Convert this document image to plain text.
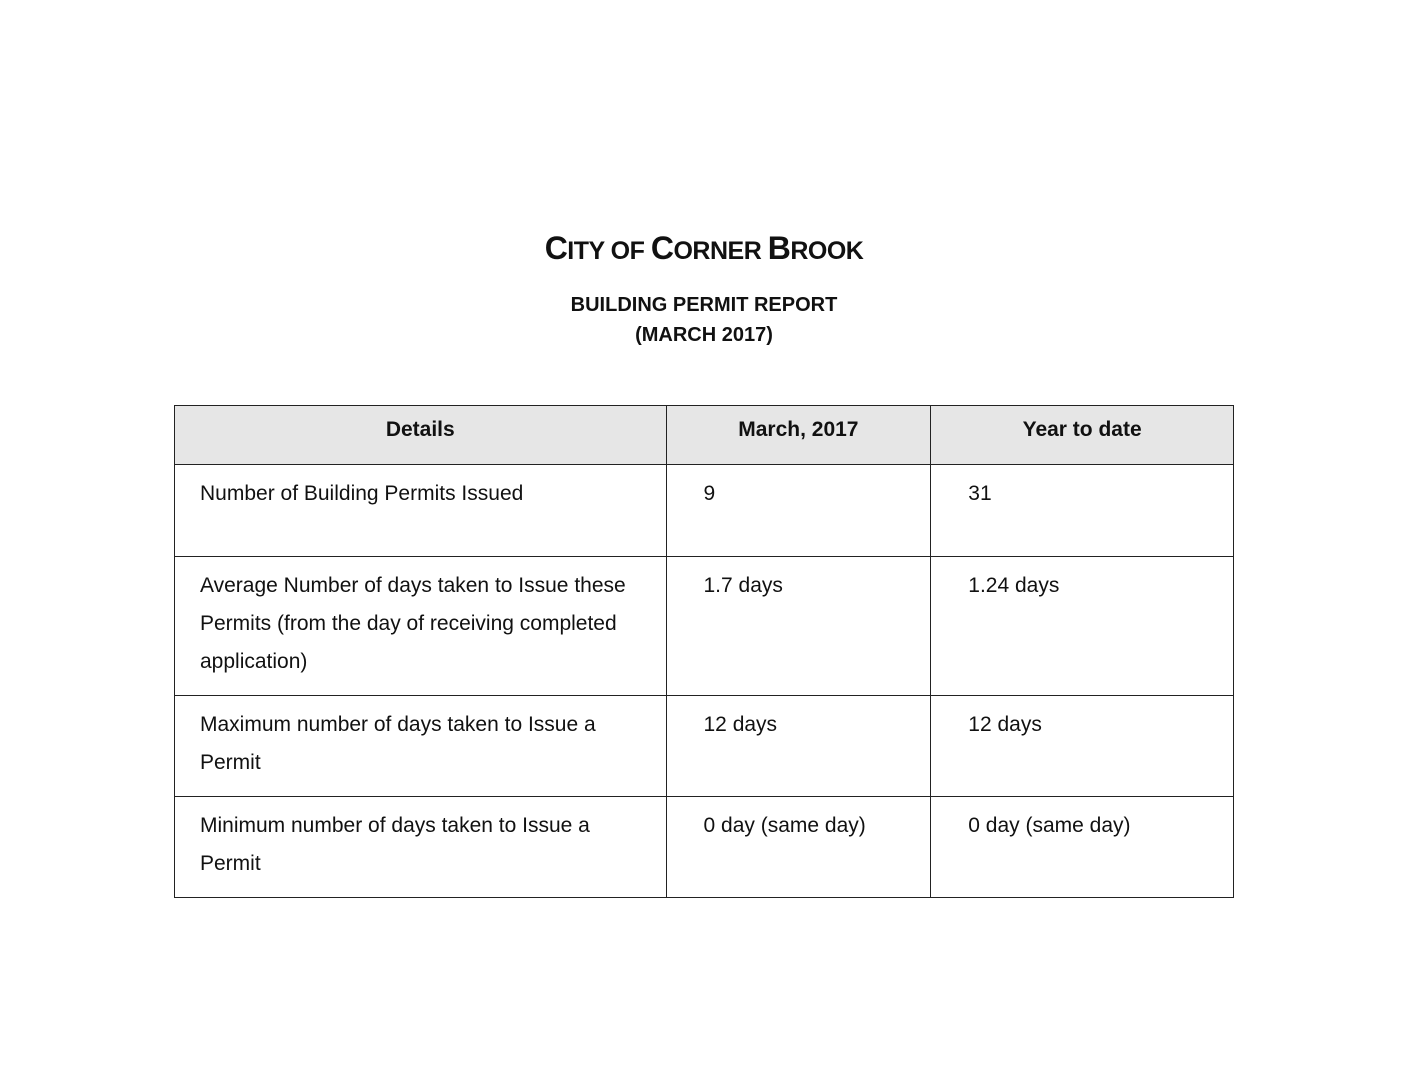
CITY OF CORNER BROOK
BUILDING PERMIT REPORT
(MARCH 2017)
Details	March, 2017	Year to date
Number of Building Permits Issued	9	31
Average Number of days taken to Issue these Permits (from the day of receiving completed application)	1.7 days	1.24 days
Maximum number of days taken to Issue a Permit	12 days	12 days
Minimum number of days taken to Issue a Permit	0 day (same day)	0 day (same day)
